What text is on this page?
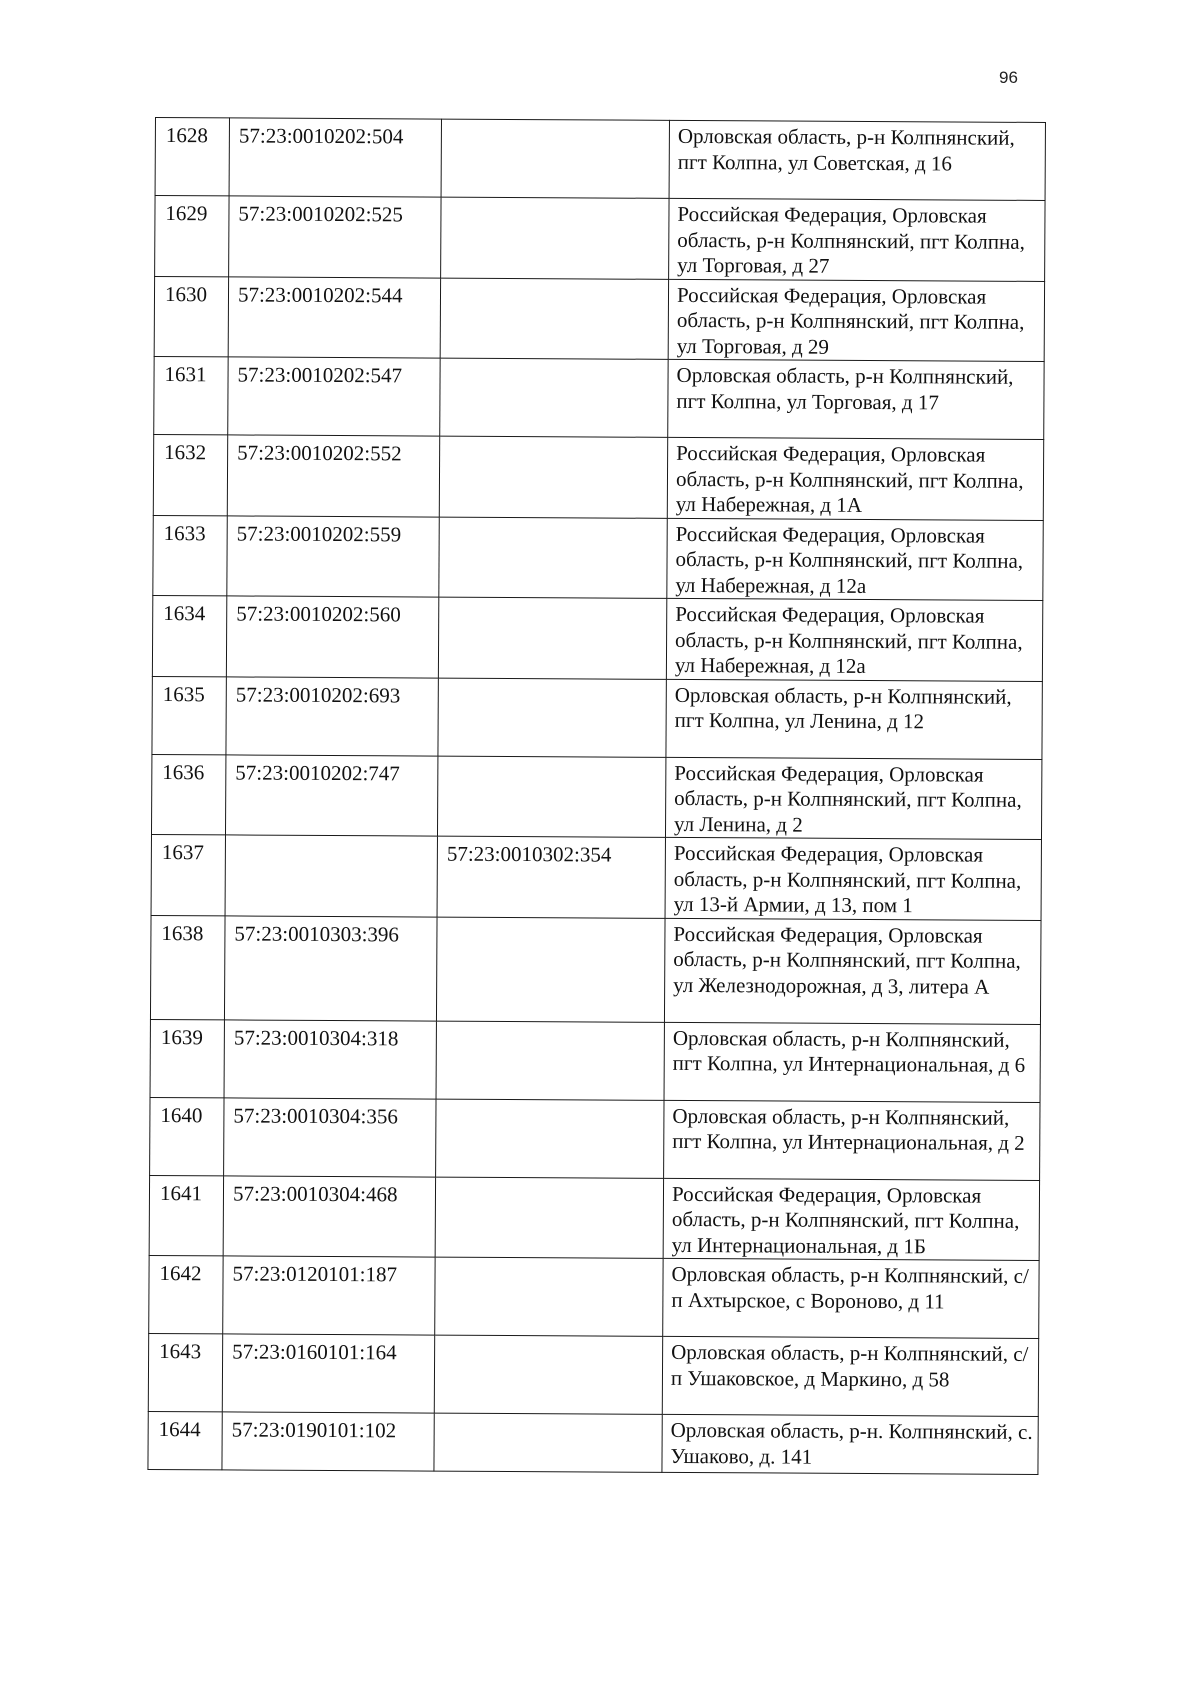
96
1628	57:23:0010202:504		Орловская область, р-н Колпнянский, пгт Колпна, ул Советская, д 16
1629	57:23:0010202:525		Российская Федерация, Орловская область, р-н Колпнянский, пгт Колпна, ул Торговая, д 27
1630	57:23:0010202:544		Российская Федерация, Орловская область, р-н Колпнянский, пгт Колпна, ул Торговая, д 29
1631	57:23:0010202:547		Орловская область, р-н Колпнянский, пгт Колпна, ул Торговая, д 17
1632	57:23:0010202:552		Российская Федерация, Орловская область, р-н Колпнянский, пгт Колпна, ул Набережная, д 1А
1633	57:23:0010202:559		Российская Федерация, Орловская область, р-н Колпнянский, пгт Колпна, ул Набережная, д 12а
1634	57:23:0010202:560		Российская Федерация, Орловская область, р-н Колпнянский, пгт Колпна, ул Набережная, д 12а
1635	57:23:0010202:693		Орловская область, р-н Колпнянский, пгт Колпна, ул Ленина, д 12
1636	57:23:0010202:747		Российская Федерация, Орловская область, р-н Колпнянский, пгт Колпна, ул Ленина, д 2
1637		57:23:0010302:354	Российская Федерация, Орловская область, р-н Колпнянский, пгт Колпна, ул 13-й Армии, д 13, пом 1
1638	57:23:0010303:396		Российская Федерация, Орловская область, р-н Колпнянский, пгт Колпна, ул Железнодорожная, д 3, литера А
1639	57:23:0010304:318		Орловская область, р-н Колпнянский, пгт Колпна, ул Интернациональная, д 6
1640	57:23:0010304:356		Орловская область, р-н Колпнянский, пгт Колпна, ул Интернациональная, д 2
1641	57:23:0010304:468		Российская Федерация, Орловская область, р-н Колпнянский, пгт Колпна, ул Интернациональная, д 1Б
1642	57:23:0120101:187		Орловская область, р-н Колпнянский, с/п Ахтырское, с Вороново, д 11
1643	57:23:0160101:164		Орловская область, р-н Колпнянский, с/п Ушаковское, д Маркино, д 58
1644	57:23:0190101:102		Орловская область, р-н. Колпнянский, с. Ушаково, д. 141
